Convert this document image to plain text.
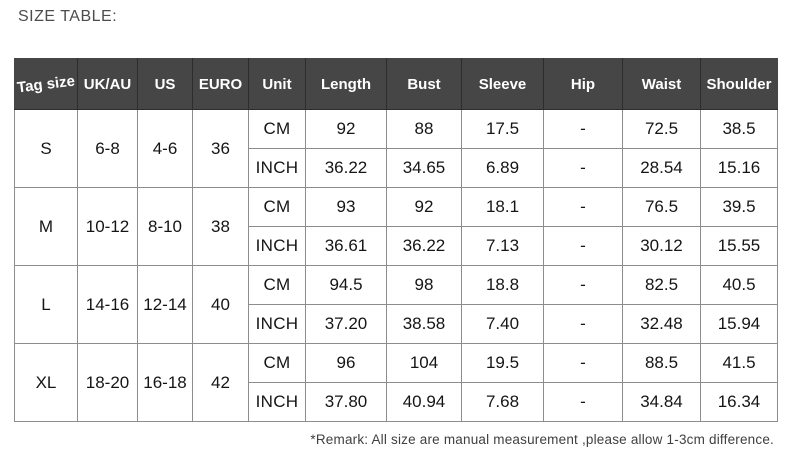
SIZE TABLE:
Tag size	UK/AU	US	EURO	Unit	Length	Bust	Sleeve	Hip	Waist	Shoulder
S	6-8	4-6	36	CM	92	88	17.5	-	72.5	38.5
				INCH	36.22	34.65	6.89	-	28.54	15.16
M	10-12	8-10	38	CM	93	92	18.1	-	76.5	39.5
				INCH	36.61	36.22	7.13	-	30.12	15.55
L	14-16	12-14	40	CM	94.5	98	18.8	-	82.5	40.5
				INCH	37.20	38.58	7.40	-	32.48	15.94
XL	18-20	16-18	42	CM	96	104	19.5	-	88.5	41.5
				INCH	37.80	40.94	7.68	-	34.84	16.34
*Remark: All size are manual measurement ,please allow 1-3cm difference.
